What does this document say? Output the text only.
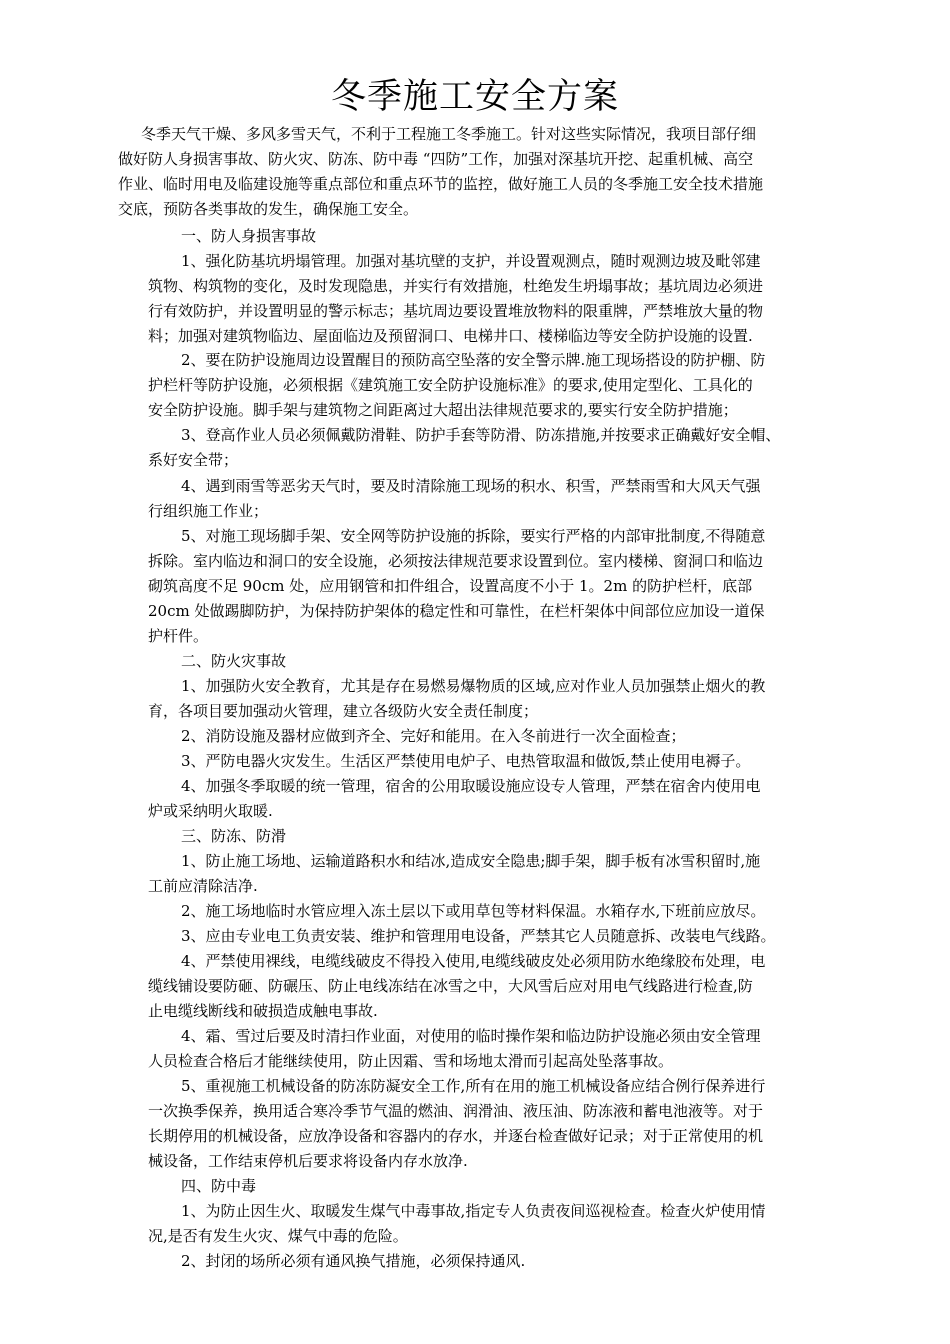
冬季施工安全方案
冬季天气干燥、多风多雪天气，不利于工程施工冬季施工。针对这些实际情况，我项目部仔细
做好防人身损害事故、防火灾、防冻、防中毒 “四防”工作，加强对深基坑开挖、起重机械、高空
作业、临时用电及临建设施等重点部位和重点环节的监控，做好施工人员的冬季施工安全技术措施
交底，预防各类事故的发生，确保施工安全。
一、防人身损害事故
1、强化防基坑坍塌管理。加强对基坑壁的支护，并设置观测点，随时观测边坡及毗邻建
筑物、构筑物的变化，及时发现隐患，并实行有效措施，杜绝发生坍塌事故；基坑周边必须进
行有效防护，并设置明显的警示标志；基坑周边要设置堆放物料的限重牌，严禁堆放大量的物
料；加强对建筑物临边、屋面临边及预留洞口、电梯井口、楼梯临边等安全防护设施的设置.
2、要在防护设施周边设置醒目的预防高空坠落的安全警示牌.施工现场搭设的防护棚、防
护栏杆等防护设施，必须根据《建筑施工安全防护设施标准》的要求,使用定型化、工具化的
安全防护设施。脚手架与建筑物之间距离过大超出法律规范要求的,要实行安全防护措施；
3、登高作业人员必须佩戴防滑鞋、防护手套等防滑、防冻措施,并按要求正确戴好安全帽、
系好安全带；
4、遇到雨雪等恶劣天气时，要及时清除施工现场的积水、积雪，严禁雨雪和大风天气强
行组织施工作业；
5、对施工现场脚手架、安全网等防护设施的拆除，要实行严格的内部审批制度,不得随意
拆除。室内临边和洞口的安全设施，必须按法律规范要求设置到位。室内楼梯、窗洞口和临边
砌筑高度不足 90cm 处，应用钢管和扣件组合，设置高度不小于 1。2m 的防护栏杆，底部
20cm 处做踢脚防护，为保持防护架体的稳定性和可靠性，在栏杆架体中间部位应加设一道保
护杆件。
二、防火灾事故
1、加强防火安全教育，尤其是存在易燃易爆物质的区域,应对作业人员加强禁止烟火的教
育，各项目要加强动火管理，建立各级防火安全责任制度；
2、消防设施及器材应做到齐全、完好和能用。在入冬前进行一次全面检查；
3、严防电器火灾发生。生活区严禁使用电炉子、电热管取温和做饭,禁止使用电褥子。
4、加强冬季取暖的统一管理，宿舍的公用取暖设施应设专人管理，严禁在宿舍内使用电
炉或采纳明火取暖.
三、防冻、防滑
1、防止施工场地、运输道路积水和结冰,造成安全隐患;脚手架，脚手板有冰雪积留时,施
工前应清除洁净.
2、施工场地临时水管应埋入冻土层以下或用草包等材料保温。水箱存水,下班前应放尽。
3、应由专业电工负责安装、维护和管理用电设备，严禁其它人员随意拆、改装电气线路。
4、严禁使用裸线，电缆线破皮不得投入使用,电缆线破皮处必须用防水绝缘胶布处理，电
缆线铺设要防砸、防碾压、防止电线冻结在冰雪之中，大风雪后应对用电气线路进行检查,防
止电缆线断线和破损造成触电事故.
4、霜、雪过后要及时清扫作业面，对使用的临时操作架和临边防护设施必须由安全管理
人员检查合格后才能继续使用，防止因霜、雪和场地太滑而引起高处坠落事故。
5、重视施工机械设备的防冻防凝安全工作,所有在用的施工机械设备应结合例行保养进行
一次换季保养，换用适合寒冷季节气温的燃油、润滑油、液压油、防冻液和蓄电池液等。对于
长期停用的机械设备，应放净设备和容器内的存水，并逐台检查做好记录；对于正常使用的机
械设备，工作结束停机后要求将设备内存水放净.
四、防中毒
1、为防止因生火、取暖发生煤气中毒事故,指定专人负责夜间巡视检查。检查火炉使用情
况,是否有发生火灾、煤气中毒的危险。
2、封闭的场所必须有通风换气措施，必须保持通风.
